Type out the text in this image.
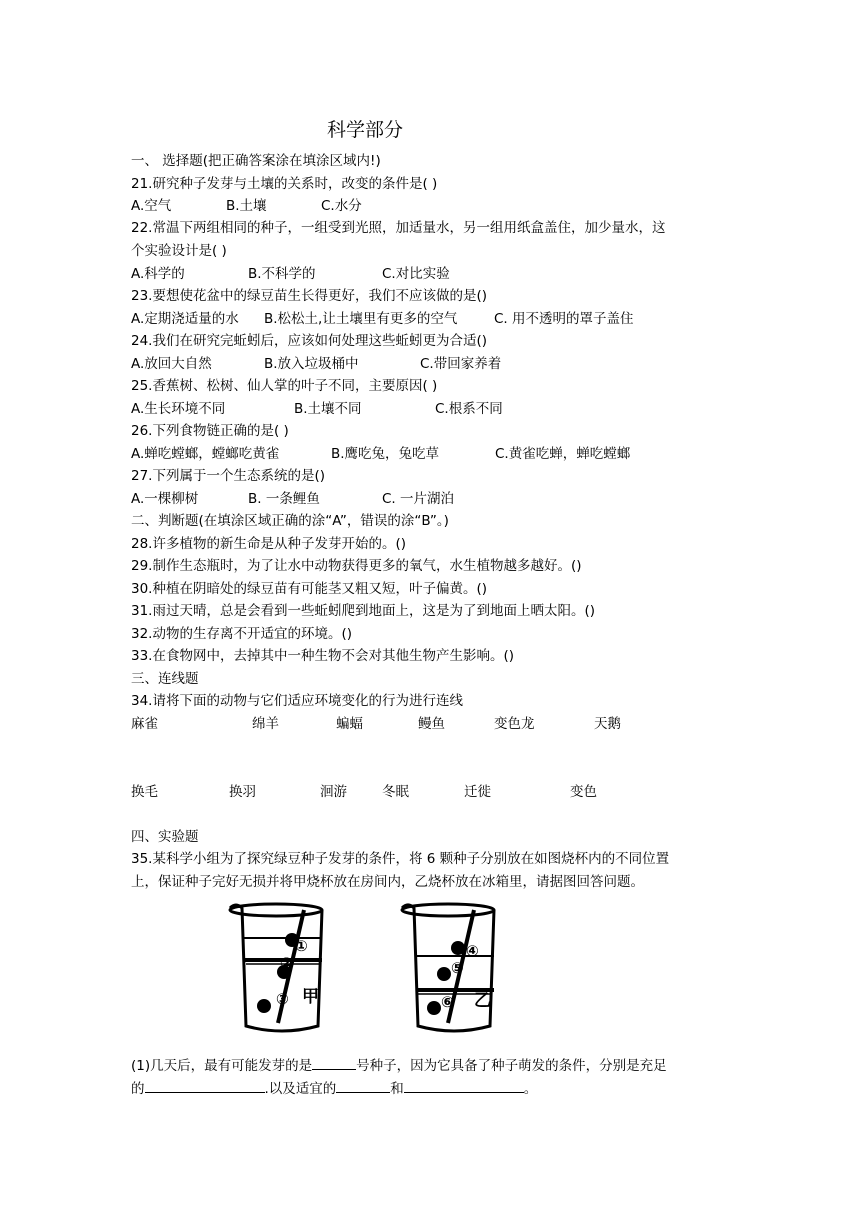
科学部分
一、 选择题(把正确答案涂在填涂区域内!)
21.研究种子发芽与土壤的关系时，改变的条件是( )
A.空气	B.土壤	C.水分
22.常温下两组相同的种子，一组受到光照，加适量水，另一组用纸盒盖住，加少量水，这
个实验设计是( )
A.科学的	B.不科学的	C.对比实验
23.要想使花盆中的绿豆苗生长得更好，我们不应该做的是()
A.定期浇适量的水	B.松松土,让土壤里有更多的空气	C. 用不透明的罩子盖住
24.我们在研究完蚯蚓后，应该如何处理这些蚯蚓更为合适()
A.放回大自然	B.放入垃圾桶中	C.带回家养着
25.香蕉树、松树、仙人掌的叶子不同，主要原因( )
A.生长环境不同	B.土壤不同	C.根系不同
26.下列食物链正确的是( )
A.蝉吃螳螂，螳螂吃黄雀	B.鹰吃兔，兔吃草	C.黄雀吃蝉，蝉吃螳螂
27.下列属于一个生态系统的是()
A.一棵柳树	B. 一条鲤鱼	C. 一片湖泊
二、判断题(在填涂区域正确的涂“A”，错误的涂“B”。)
28.许多植物的新生命是从种子发芽开始的。()
29.制作生态瓶时，为了让水中动物获得更多的氧气，水生植物越多越好。()
30.种植在阴暗处的绿豆苗有可能茎又粗又短，叶子偏黄。()
31.雨过天晴，总是会看到一些蚯蚓爬到地面上，这是为了到地面上晒太阳。()
32.动物的生存离不开适宜的环境。()
33.在食物网中，去掉其中一种生物不会对其他生物产生影响。()
三、连线题
34.请将下面的动物与它们适应环境变化的行为进行连线
麻雀	绵羊	蝙蝠	鳗鱼	变色龙	天鹅
换毛	换羽	洄游	冬眠	迁徙	变色
四、实验题
35.某科学小组为了探究绿豆种子发芽的条件，将 6 颗种子分别放在如图烧杯内的不同位置
上，保证种子完好无损并将甲烧杯放在房间内，乙烧杯放在冰箱里，请据图回答问题。
①
②
③
④
⑤
⑥
甲	乙
(1)几天后，最有可能发芽的是	号种子，因为它具备了种子萌发的条件，分别是充足
的	.以及适宜的	和	。
